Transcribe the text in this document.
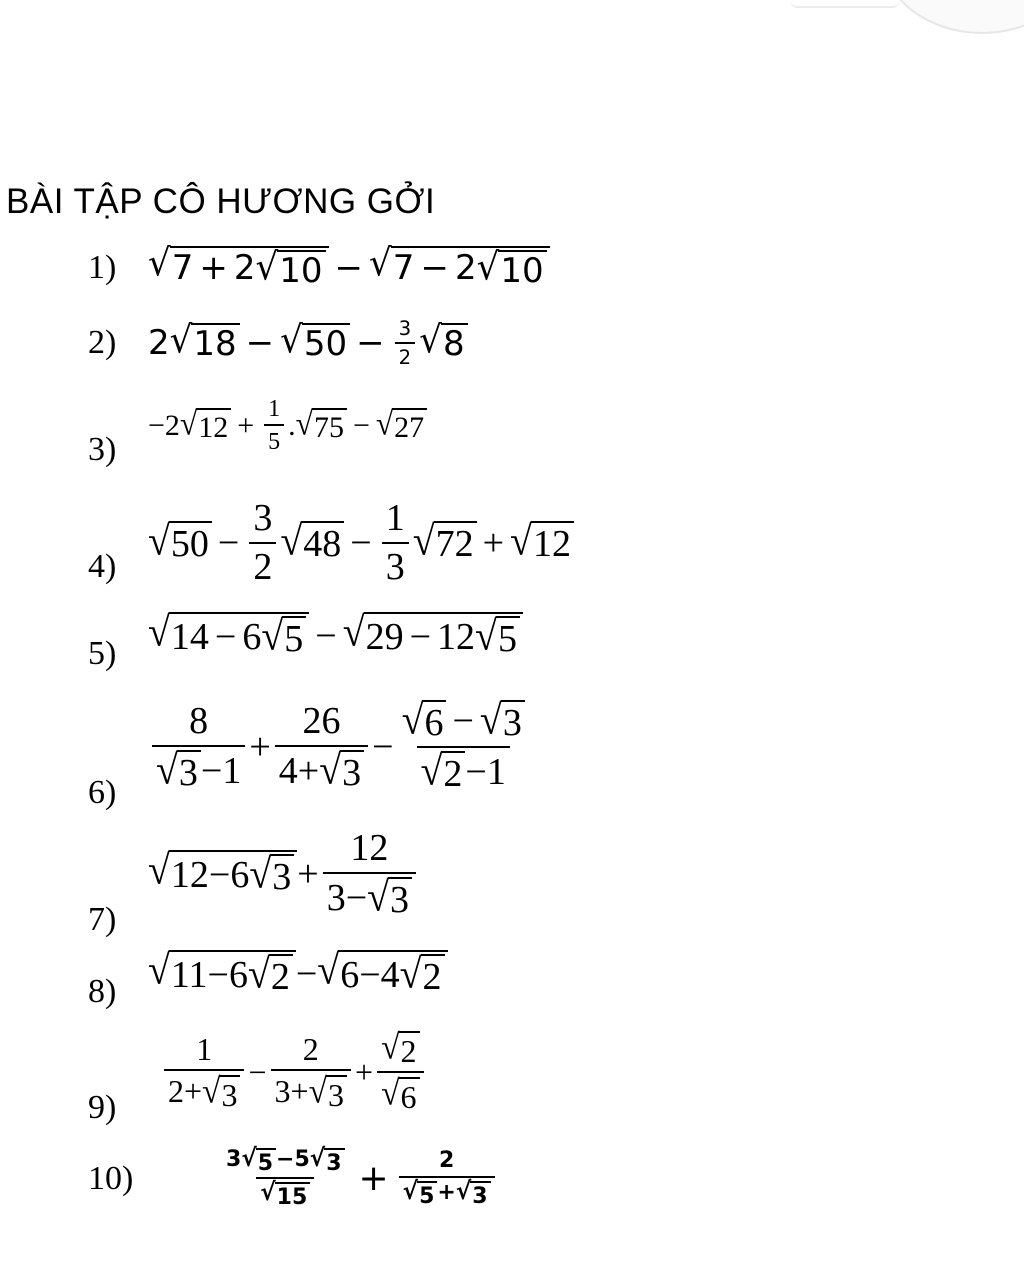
BÀI TẬP CÔ HƯƠNG GỞI
1) √ 7 + 2 √ 10 − √ 7 − 2 √ 10
2) 2 √ 18 − √ $50 - \frac{3}{2}$ √ 8
3)
− 2 √ $12 + \frac{1}{5}$ . √ 75 − √ 27
4)
√ $50 - \frac{3}{2}$ √ $48 - \frac{1}{3}$ √ 72 + √ 12
5) √ 14 − 6 √ 5 − √ 29 − 12 √ 5
$6) \frac{8}{√ 3 -1} + \frac{26}{4+ √ 3} - \frac{√ 6 - √ 3}{√ 2 -1}$
7)
√ 12−6 √ $3 + \frac{12}{3- √ 3}$
8) √ 11−6 √ 2 − √ 6−4 √ 2
9)	$\frac{1}{2+ √ 3} - \frac{2}{3+ √ 3} + \frac{√ 2}{√ 6}$
10)	$\frac{3 √ 5 -5 √ 3}{√ 15} + \frac{2}{√ 5 + √ 3}$
